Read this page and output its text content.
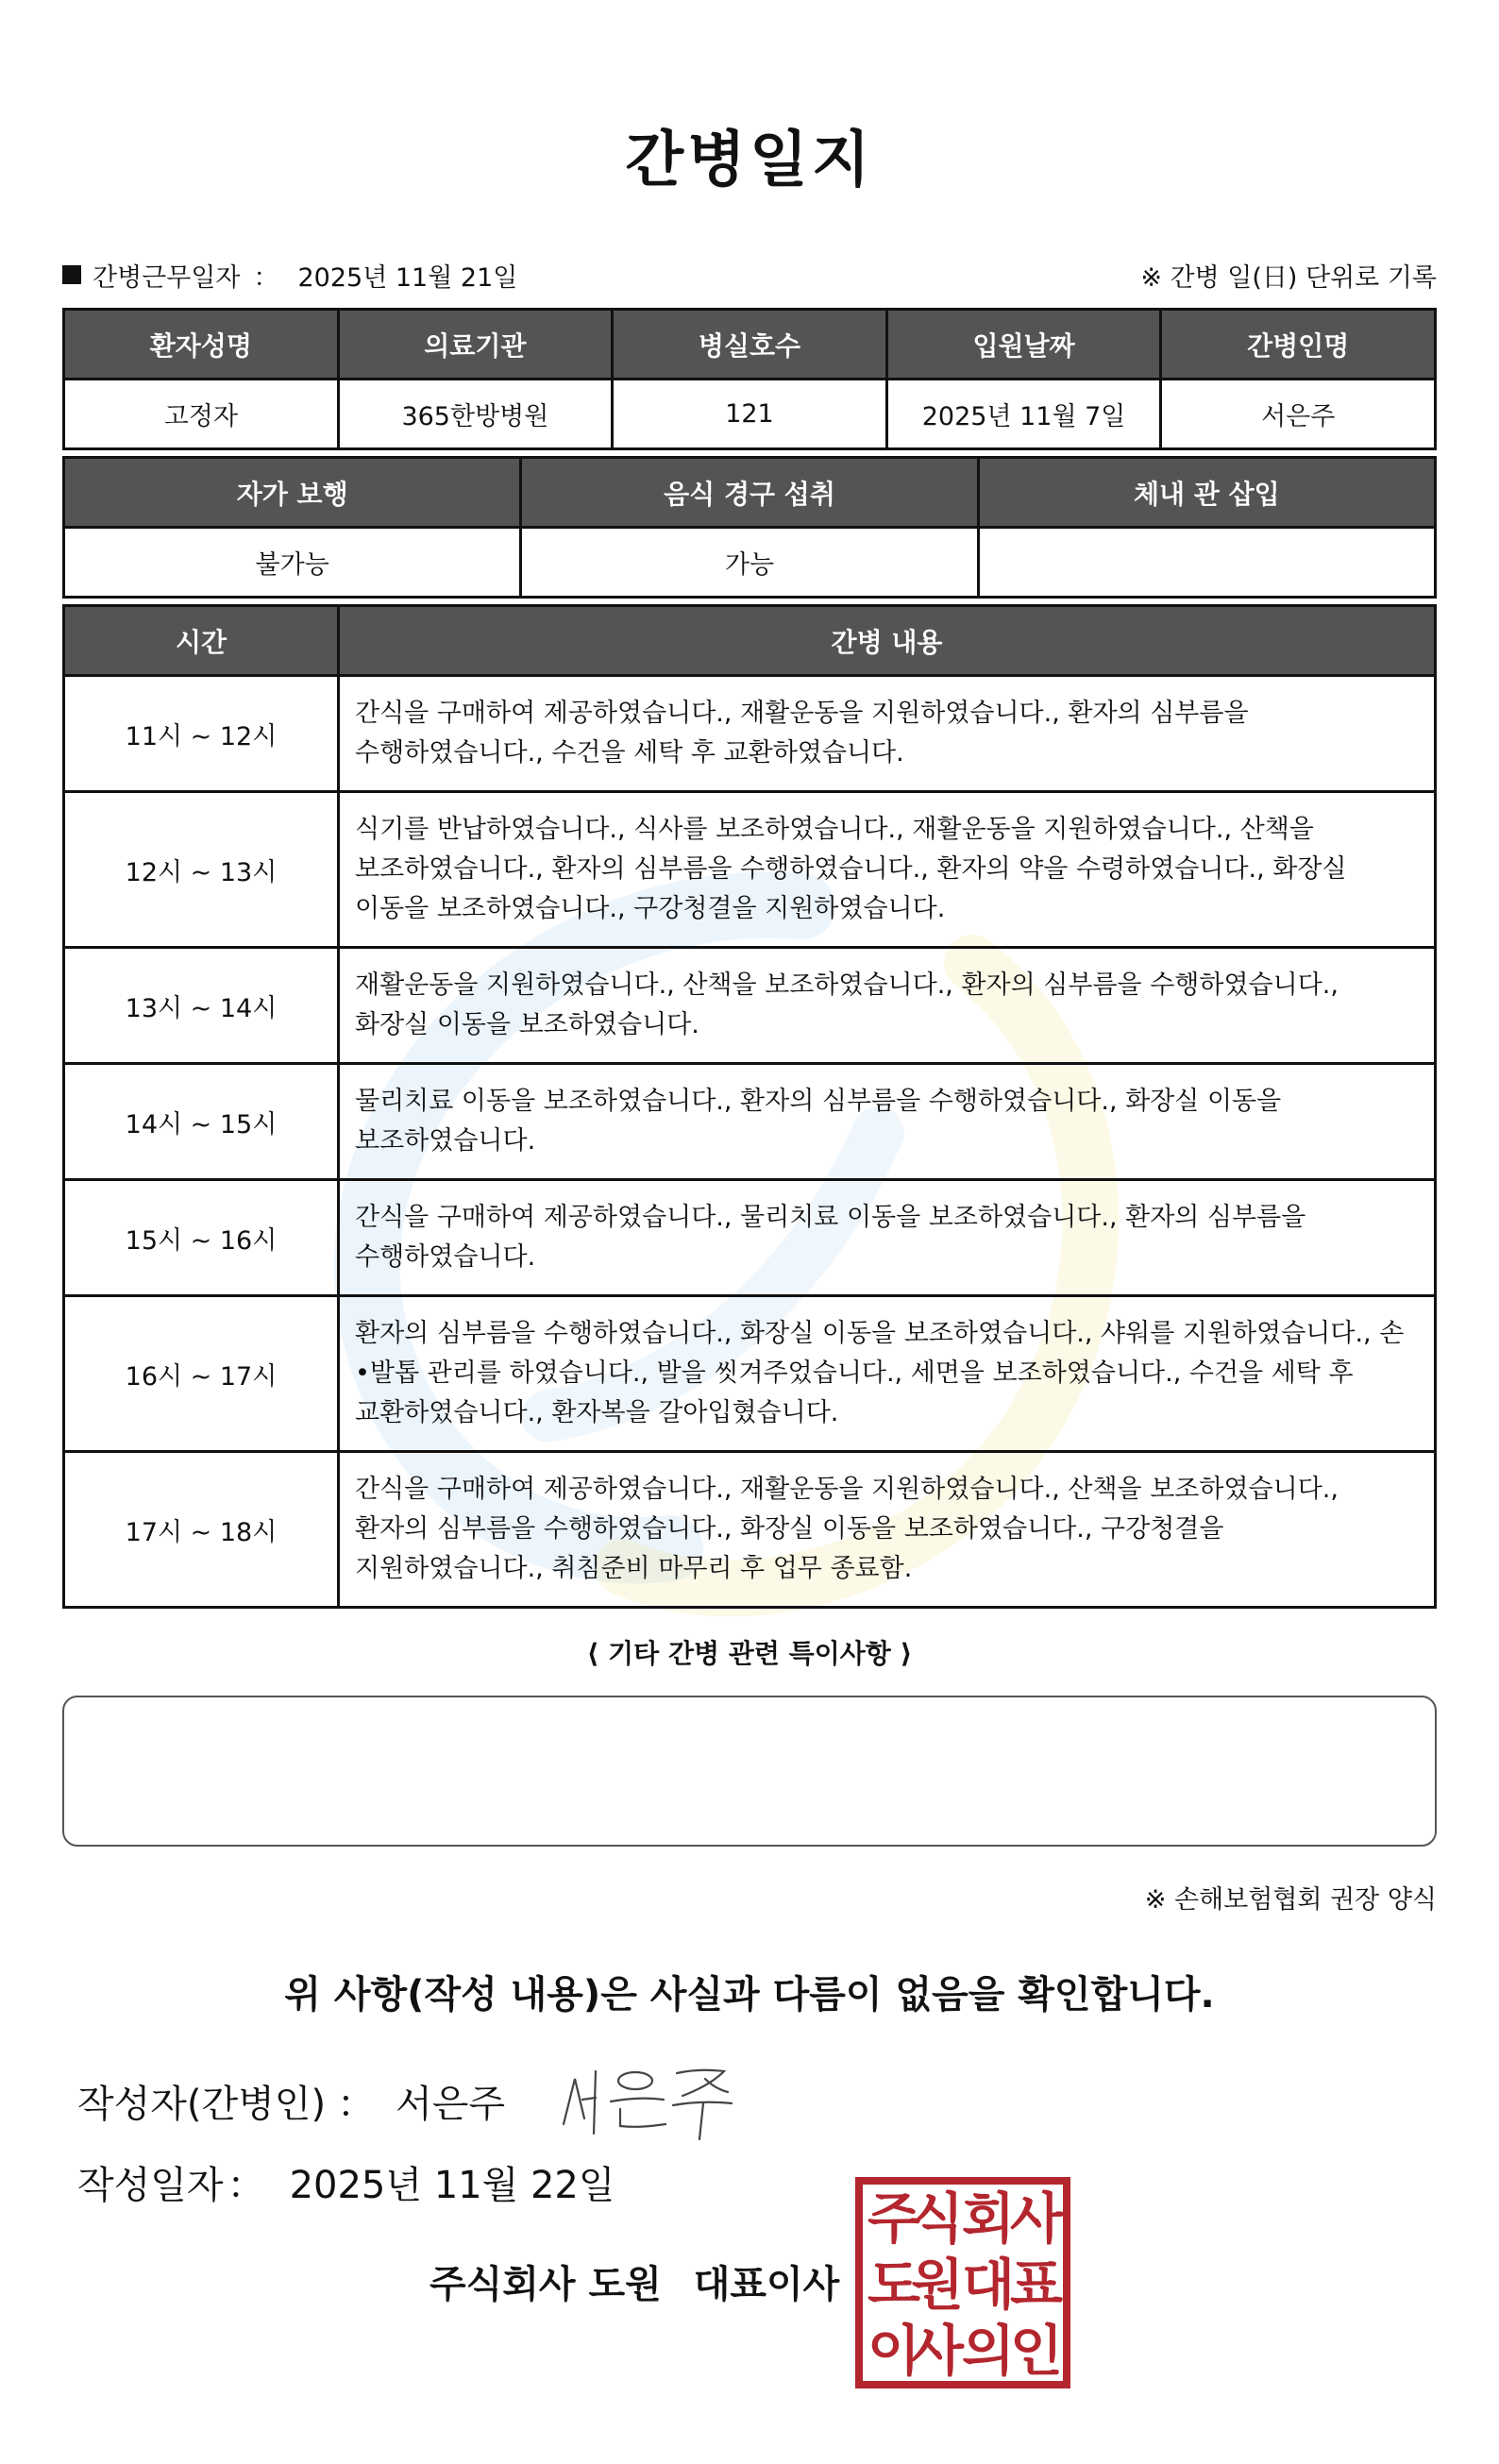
간병일지
간병근무일자 ： 2025년 11월 21일	※ 간병 일(日) 단위로 기록
환자성명	의료기관	병실호수	입원날짜	간병인명
고정자	365한방병원	121	2025년 11월 7일	서은주
자가 보행	음식 경구 섭취	체내 관 삽입
불가능	가능	
시간	간병 내용
11시 ~ 12시	간식을 구매하여 제공하였습니다., 재활운동을 지원하였습니다., 환자의 심부름을 수행하였습니다., 수건을 세탁 후 교환하였습니다.
12시 ~ 13시	식기를 반납하였습니다., 식사를 보조하였습니다., 재활운동을 지원하였습니다., 산책을 보조하였습니다., 환자의 심부름을 수행하였습니다., 환자의 약을 수령하였습니다., 화장실 이동을 보조하였습니다., 구강청결을 지원하였습니다.
13시 ~ 14시	재활운동을 지원하였습니다., 산책을 보조하였습니다., 환자의 심부름을 수행하였습니다., 화장실 이동을 보조하였습니다.
14시 ~ 15시	물리치료 이동을 보조하였습니다., 환자의 심부름을 수행하였습니다., 화장실 이동을 보조하였습니다.
15시 ~ 16시	간식을 구매하여 제공하였습니다., 물리치료 이동을 보조하였습니다., 환자의 심부름을 수행하였습니다.
16시 ~ 17시	환자의 심부름을 수행하였습니다., 화장실 이동을 보조하였습니다., 샤워를 지원하였습니다., 손•발톱 관리를 하였습니다., 발을 씻겨주었습니다., 세면을 보조하였습니다., 수건을 세탁 후 교환하였습니다., 환자복을 갈아입혔습니다.
17시 ~ 18시	간식을 구매하여 제공하였습니다., 재활운동을 지원하였습니다., 산책을 보조하였습니다., 환자의 심부름을 수행하였습니다., 화장실 이동을 보조하였습니다., 구강청결을 지원하였습니다., 취침준비 마무리 후 업무 종료함.
⟨ 기타 간병 관련 특이사항 ⟩
※ 손해보험협회 권장 양식
위 사항(작성 내용)은 사실과 다름이 없음을 확인합니다.
작성자(간병인) ： 서은주
작성일자 ： 2025년 11월 22일
주식회사 도원 대표이사
주
식
회
사
도
원
대
표
이
사
의
인
